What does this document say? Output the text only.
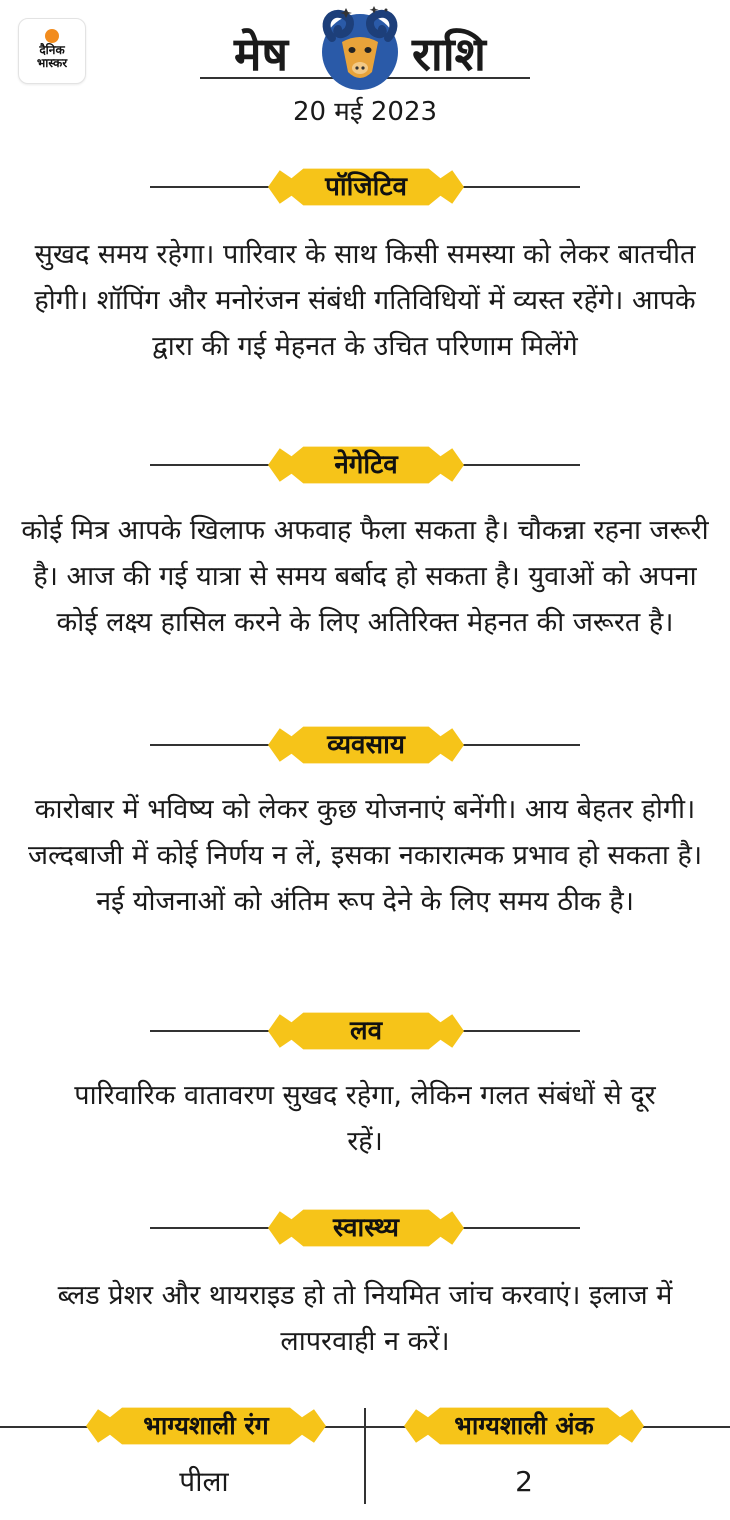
दैनिक
भास्कर	मेष	राशि
20 मई 2023
पॉजिटिव
सुखद समय रहेगा। पारिवार के साथ किसी समस्या को लेकर बातचीत होगी। शॉपिंग और मनोरंजन संबंधी गतिविधियों में व्यस्त रहेंगे। आपके द्वारा की गई मेहनत के उचित परिणाम मिलेंगे
नेगेटिव
कोई मित्र आपके खिलाफ अफवाह फैला सकता है। चौकन्ना रहना जरूरी है। आज की गई यात्रा से समय बर्बाद हो सकता है। युवाओं को अपना कोई लक्ष्य हासिल करने के लिए अतिरिक्त मेहनत की जरूरत है।
व्यवसाय
कारोबार में भविष्य को लेकर कुछ योजनाएं बनेंगी। आय बेहतर होगी। जल्दबाजी में कोई निर्णय न लें, इसका नकारात्मक प्रभाव हो सकता है। नई योजनाओं को अंतिम रूप देने के लिए समय ठीक है।
लव
पारिवारिक वातावरण सुखद रहेगा, लेकिन गलत संबंधों से दूर रहें।
स्वास्थ्य
ब्लड प्रेशर और थायराइड हो तो नियमित जांच करवाएं। इलाज में लापरवाही न करें।
भाग्यशाली रंग	भाग्यशाली अंक
पीला	2
